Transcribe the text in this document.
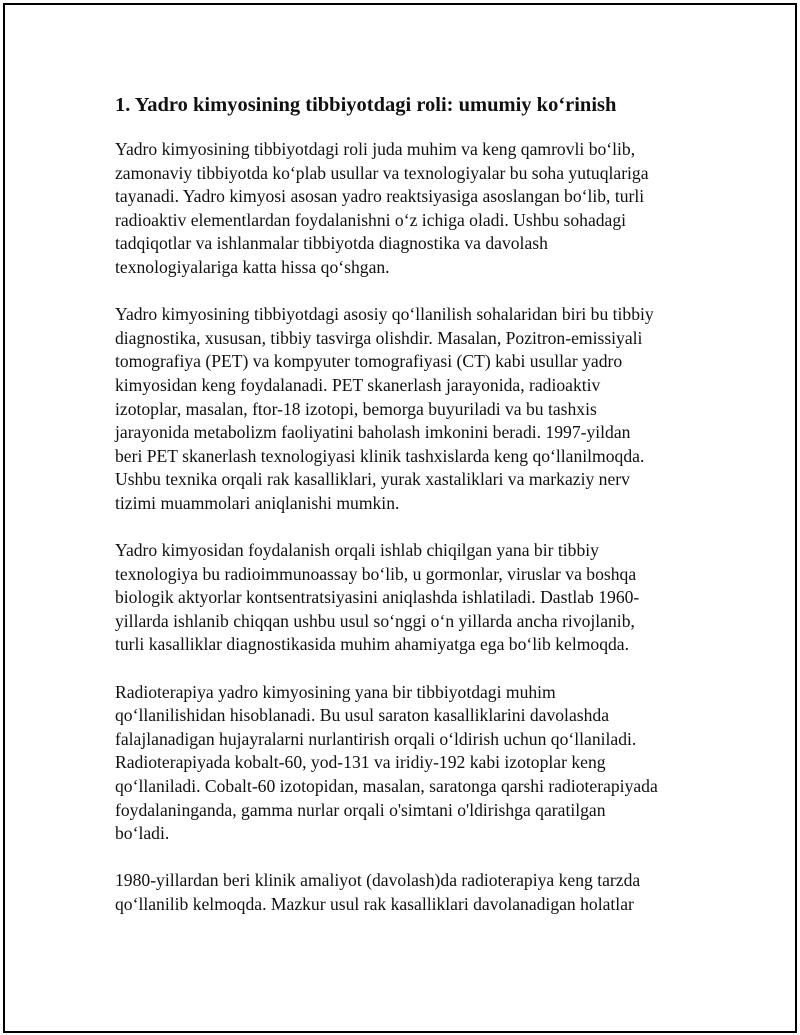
1. Yadro kimyosining tibbiyotdagi roli: umumiy koʻrinish

Yadro kimyosining tibbiyotdagi roli juda muhim va keng qamrovli boʻlib,
zamonaviy tibbiyotda koʻplab usullar va texnologiyalar bu soha yutuqlariga
tayanadi. Yadro kimyosi asosan yadro reaktsiyasiga asoslangan boʻlib, turli
radioaktiv elementlardan foydalanishni oʻz ichiga oladi. Ushbu sohadagi
tadqiqotlar va ishlanmalar tibbiyotda diagnostika va davolash
texnologiyalariga katta hissa qoʻshgan.

Yadro kimyosining tibbiyotdagi asosiy qoʻllanilish sohalaridan biri bu tibbiy
diagnostika, xususan, tibbiy tasvirga olishdir. Masalan, Pozitron-emissiyali
tomografiya (PET) va kompyuter tomografiyasi (CT) kabi usullar yadro
kimyosidan keng foydalanadi. PET skanerlash jarayonida, radioaktiv
izotoplar, masalan, ftor-18 izotopi, bemorga buyuriladi va bu tashxis
jarayonida metabolizm faoliyatini baholash imkonini beradi. 1997-yildan
beri PET skanerlash texnologiyasi klinik tashxislarda keng qoʻllanilmoqda.
Ushbu texnika orqali rak kasalliklari, yurak xastaliklari va markaziy nerv
tizimi muammolari aniqlanishi mumkin.

Yadro kimyosidan foydalanish orqali ishlab chiqilgan yana bir tibbiy
texnologiya bu radioimmunoassay boʻlib, u gormonlar, viruslar va boshqa
biologik aktyorlar kontsentratsiyasini aniqlashda ishlatiladi. Dastlab 1960-
yillarda ishlanib chiqqan ushbu usul soʻnggi oʻn yillarda ancha rivojlanib,
turli kasalliklar diagnostikasida muhim ahamiyatga ega boʻlib kelmoqda.

Radioterapiya yadro kimyosining yana bir tibbiyotdagi muhim
qoʻllanilishidan hisoblanadi. Bu usul saraton kasalliklarini davolashda
falajlanadigan hujayralarni nurlantirish orqali oʻldirish uchun qoʻllaniladi.
Radioterapiyada kobalt-60, yod-131 va iridiy-192 kabi izotoplar keng
qoʻllaniladi. Cobalt-60 izotopidan, masalan, saratonga qarshi radioterapiyada
foydalaninganda, gamma nurlar orqali o'simtani o'ldirishga qaratilgan
boʻladi.

1980-yillardan beri klinik amaliyot (davolash)da radioterapiya keng tarzda
qoʻllanilib kelmoqda. Mazkur usul rak kasalliklari davolanadigan holatlar
